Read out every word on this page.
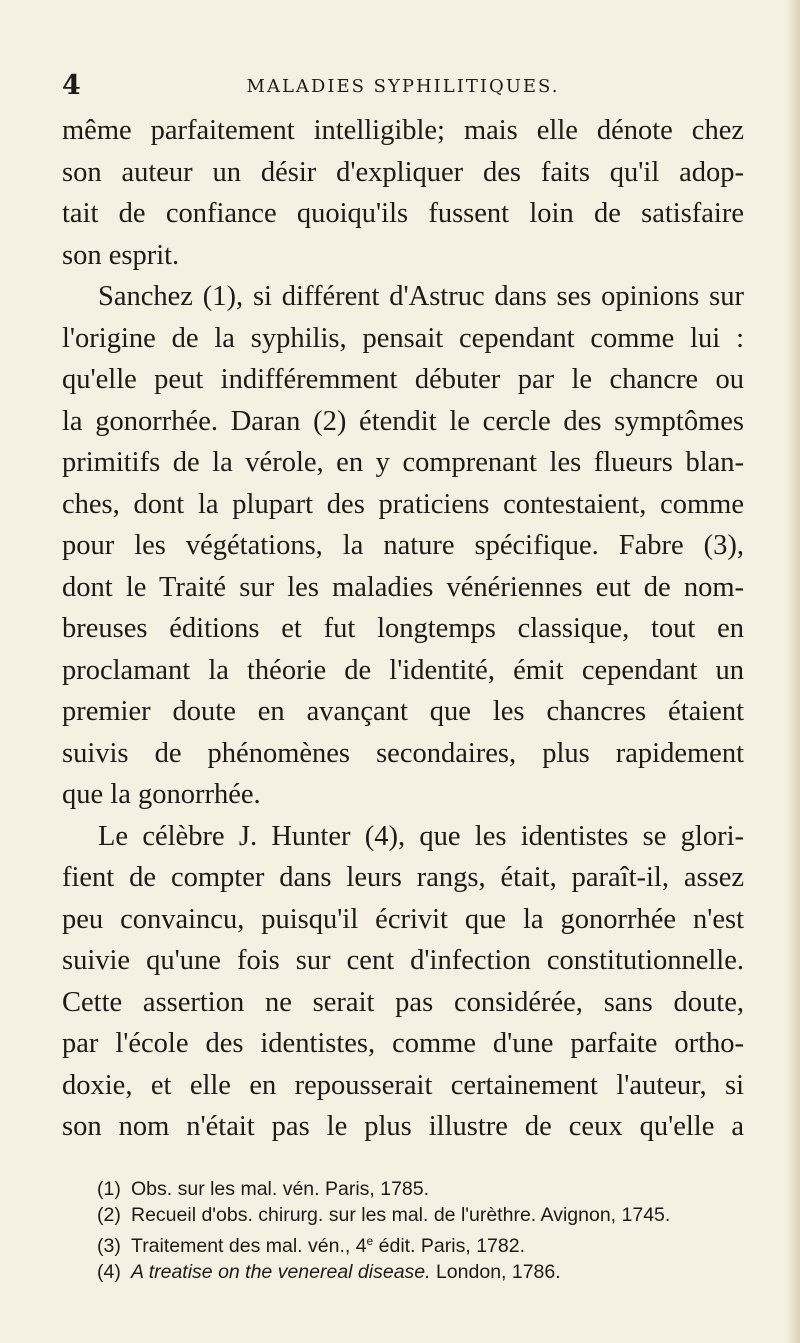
4	MALADIES SYPHILITIQUES.
même parfaitement intelligible; mais elle dénote chez
son auteur un désir d'expliquer des faits qu'il adop-
tait de confiance quoiqu'ils fussent loin de satisfaire
son esprit.
Sanchez (1), si différent d'Astruc dans ses opinions sur
l'origine de la syphilis, pensait cependant comme lui :
qu'elle peut indifféremment débuter par le chancre ou
la gonorrhée. Daran (2) étendit le cercle des symptômes
primitifs de la vérole, en y comprenant les flueurs blan-
ches, dont la plupart des praticiens contestaient, comme
pour les végétations, la nature spécifique. Fabre (3),
dont le Traité sur les maladies vénériennes eut de nom-
breuses éditions et fut longtemps classique, tout en
proclamant la théorie de l'identité, émit cependant un
premier doute en avançant que les chancres étaient
suivis de phénomènes secondaires, plus rapidement
que la gonorrhée.
Le célèbre J. Hunter (4), que les identistes se glori-
fient de compter dans leurs rangs, était, paraît-il, assez
peu convaincu, puisqu'il écrivit que la gonorrhée n'est
suivie qu'une fois sur cent d'infection constitutionnelle.
Cette assertion ne serait pas considérée, sans doute,
par l'école des identistes, comme d'une parfaite ortho-
doxie, et elle en repousserait certainement l'auteur, si
son nom n'était pas le plus illustre de ceux qu'elle a
(1) Obs. sur les mal. vén. Paris, 1785.
(2) Recueil d'obs. chirurg. sur les mal. de l'urèthre. Avignon, 1745.
(3) Traitement des mal. vén., 4e édit. Paris, 1782.
(4) A treatise on the venereal disease. London, 1786.
